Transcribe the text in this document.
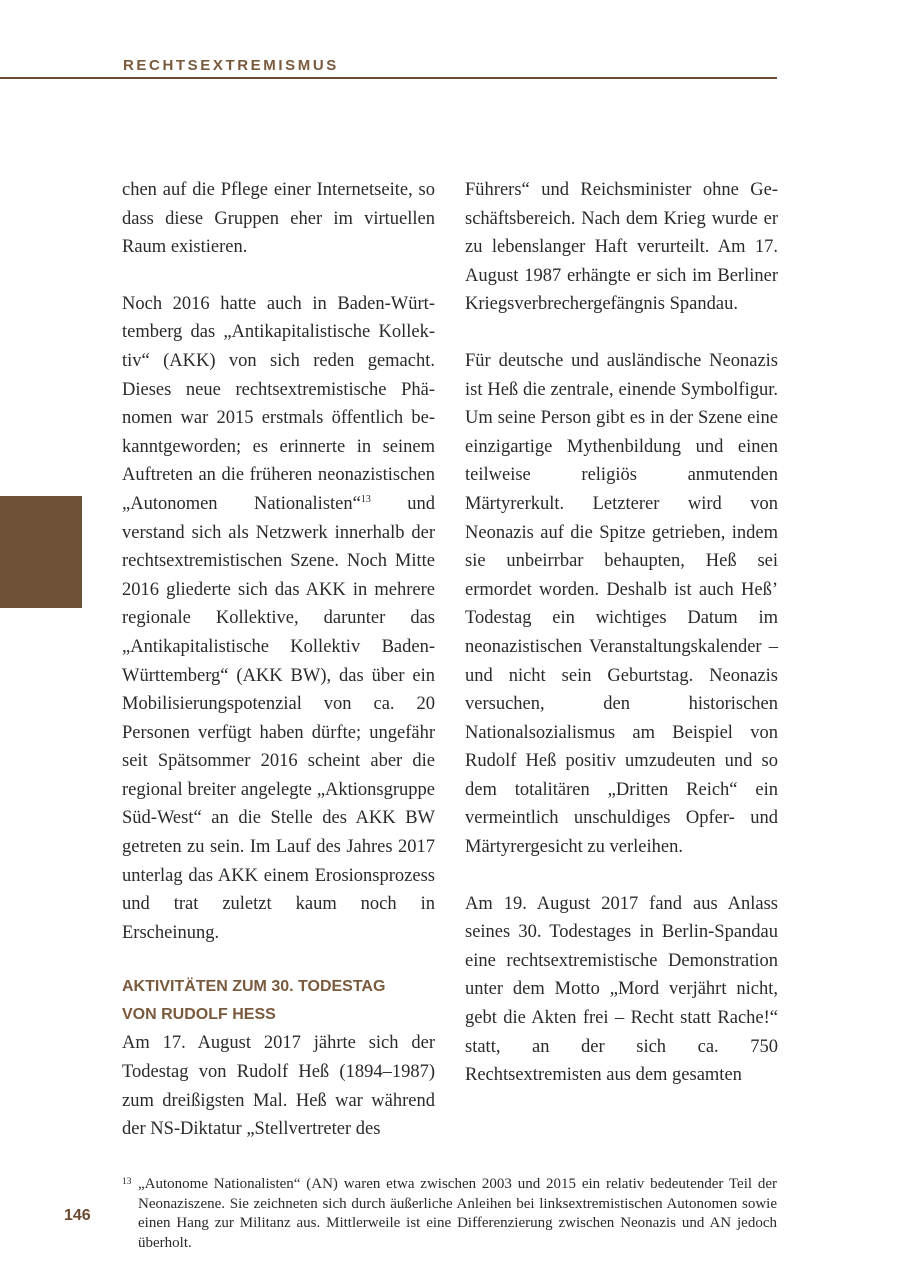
RECHTSEXTREMISMUS

chen auf die Pflege einer Internetseite, so dass diese Gruppen eher im virtuellen Raum existieren.

Noch 2016 hatte auch in Baden-Württemberg das „Antikapitalistische Kollektiv“ (AKK) von sich reden gemacht. Dieses neue rechtsextremistische Phänomen war 2015 erstmals öffentlich bekanntgeworden; es erinnerte in seinem Auftreten an die früheren neonazistischen „Autonomen Nationalisten“$^{13}$ und verstand sich als Netzwerk innerhalb der rechtsextremistischen Szene. Noch Mitte 2016 gliederte sich das AKK in mehrere regionale Kollektive, darunter das „Antikapitalistische Kollektiv Baden-Württemberg“ (AKK BW), das über ein Mobilisierungspotenzial von ca. 20 Personen verfügt haben dürfte; ungefähr seit Spätsommer 2016 scheint aber die regional breiter angelegte „Aktionsgruppe Süd-West“ an die Stelle des AKK BW getreten zu sein. Im Lauf des Jahres 2017 unterlag das AKK einem Erosionsprozess und trat zuletzt kaum noch in Erscheinung.

AKTIVITÄTEN ZUM 30. TODESTAG
VON RUDOLF HESS

Am 17. August 2017 jährte sich der Todestag von Rudolf Heß (1894–1987) zum dreißigsten Mal. Heß war während der NS-Diktatur „Stellvertreter des

Führers“ und Reichsminister ohne Geschäftsbereich. Nach dem Krieg wurde er zu lebenslanger Haft verurteilt. Am 17. August 1987 erhängte er sich im Berliner Kriegsverbrechergefängnis Spandau.

Für deutsche und ausländische Neonazis ist Heß die zentrale, einende Symbolfigur. Um seine Person gibt es in der Szene eine einzigartige Mythenbildung und einen teilweise religiös anmutenden Märtyrerkult. Letzterer wird von Neonazis auf die Spitze getrieben, indem sie unbeirrbar behaupten, Heß sei ermordet worden. Deshalb ist auch Heß’ Todestag ein wichtiges Datum im neonazistischen Veranstaltungskalender – und nicht sein Geburtstag. Neonazis versuchen, den historischen Nationalsozialismus am Beispiel von Rudolf Heß positiv umzudeuten und so dem totalitären „Dritten Reich“ ein vermeintlich unschuldiges Opfer- und Märtyrergesicht zu verleihen.

Am 19. August 2017 fand aus Anlass seines 30. Todestages in Berlin-Spandau eine rechtsextremistische Demonstration unter dem Motto „Mord verjährt nicht, gebt die Akten frei – Recht statt Rache!“ statt, an der sich ca. 750 Rechtsextremisten aus dem gesamten

13 „Autonome Nationalisten“ (AN) waren etwa zwischen 2003 und 2015 ein relativ bedeutender Teil der Neonaziszene. Sie zeichneten sich durch äußerliche Anleihen bei linksextremistischen Autonomen sowie einen Hang zur Militanz aus. Mittlerweile ist eine Differenzierung zwischen Neonazis und AN jedoch überholt.
146
